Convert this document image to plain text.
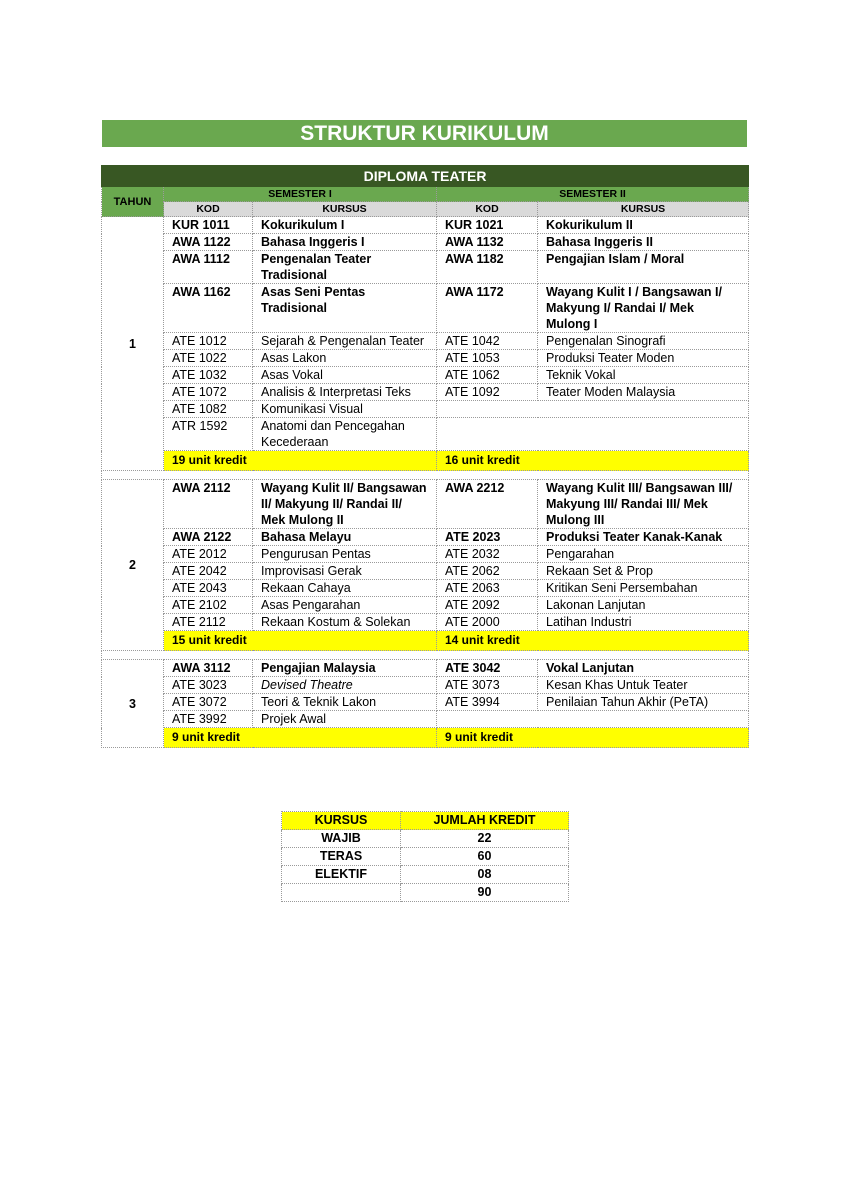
STRUKTUR KURIKULUM
DIPLOMA TEATER				
TAHUN	SEMESTER I		SEMESTER II	
	KOD	KURSUS	KOD	KURSUS
1	KUR 1011	Kokurikulum I	KUR 1021	Kokurikulum II
	AWA 1122	Bahasa Inggeris I	AWA 1132	Bahasa Inggeris II
	AWA 1112	Pengenalan Teater Tradisional	AWA 1182	Pengajian Islam / Moral
	AWA 1162	Asas Seni Pentas Tradisional	AWA 1172	Wayang Kulit I / Bangsawan I/ Makyung I/ Randai I/ Mek Mulong I
	ATE 1012	Sejarah & Pengenalan Teater	ATE 1042	Pengenalan Sinografi
	ATE 1022	Asas Lakon	ATE 1053	Produksi Teater Moden
	ATE 1032	Asas Vokal	ATE 1062	Teknik Vokal
	ATE 1072	Analisis & Interpretasi Teks	ATE 1092	Teater Moden Malaysia
	ATE 1082	Komunikasi Visual		
	ATR 1592	Anatomi dan Pencegahan Kecederaan		
	19 unit kredit		16 unit kredit	

2	AWA 2112	Wayang Kulit II/ Bangsawan II/ Makyung II/ Randai II/ Mek Mulong II	AWA 2212	Wayang Kulit III/ Bangsawan III/ Makyung III/ Randai III/ Mek Mulong III
	AWA 2122	Bahasa Melayu	ATE 2023	Produksi Teater Kanak-Kanak
	ATE 2012	Pengurusan Pentas	ATE 2032	Pengarahan
	ATE 2042	Improvisasi Gerak	ATE 2062	Rekaan Set & Prop
	ATE 2043	Rekaan Cahaya	ATE 2063	Kritikan Seni Persembahan
	ATE 2102	Asas Pengarahan	ATE 2092	Lakonan Lanjutan
	ATE 2112	Rekaan Kostum & Solekan	ATE 2000	Latihan Industri
	15 unit kredit		14 unit kredit	

3	AWA 3112	Pengajian Malaysia	ATE 3042	Vokal Lanjutan
	ATE 3023	Devised Theatre	ATE 3073	Kesan Khas Untuk Teater
	ATE 3072	Teori & Teknik Lakon	ATE 3994	Penilaian Tahun Akhir (PeTA)
	ATE 3992	Projek Awal		
	9 unit kredit		9 unit kredit	
KURSUS	JUMLAH KREDIT
WAJIB	22
TERAS	60
ELEKTIF	08
	90
